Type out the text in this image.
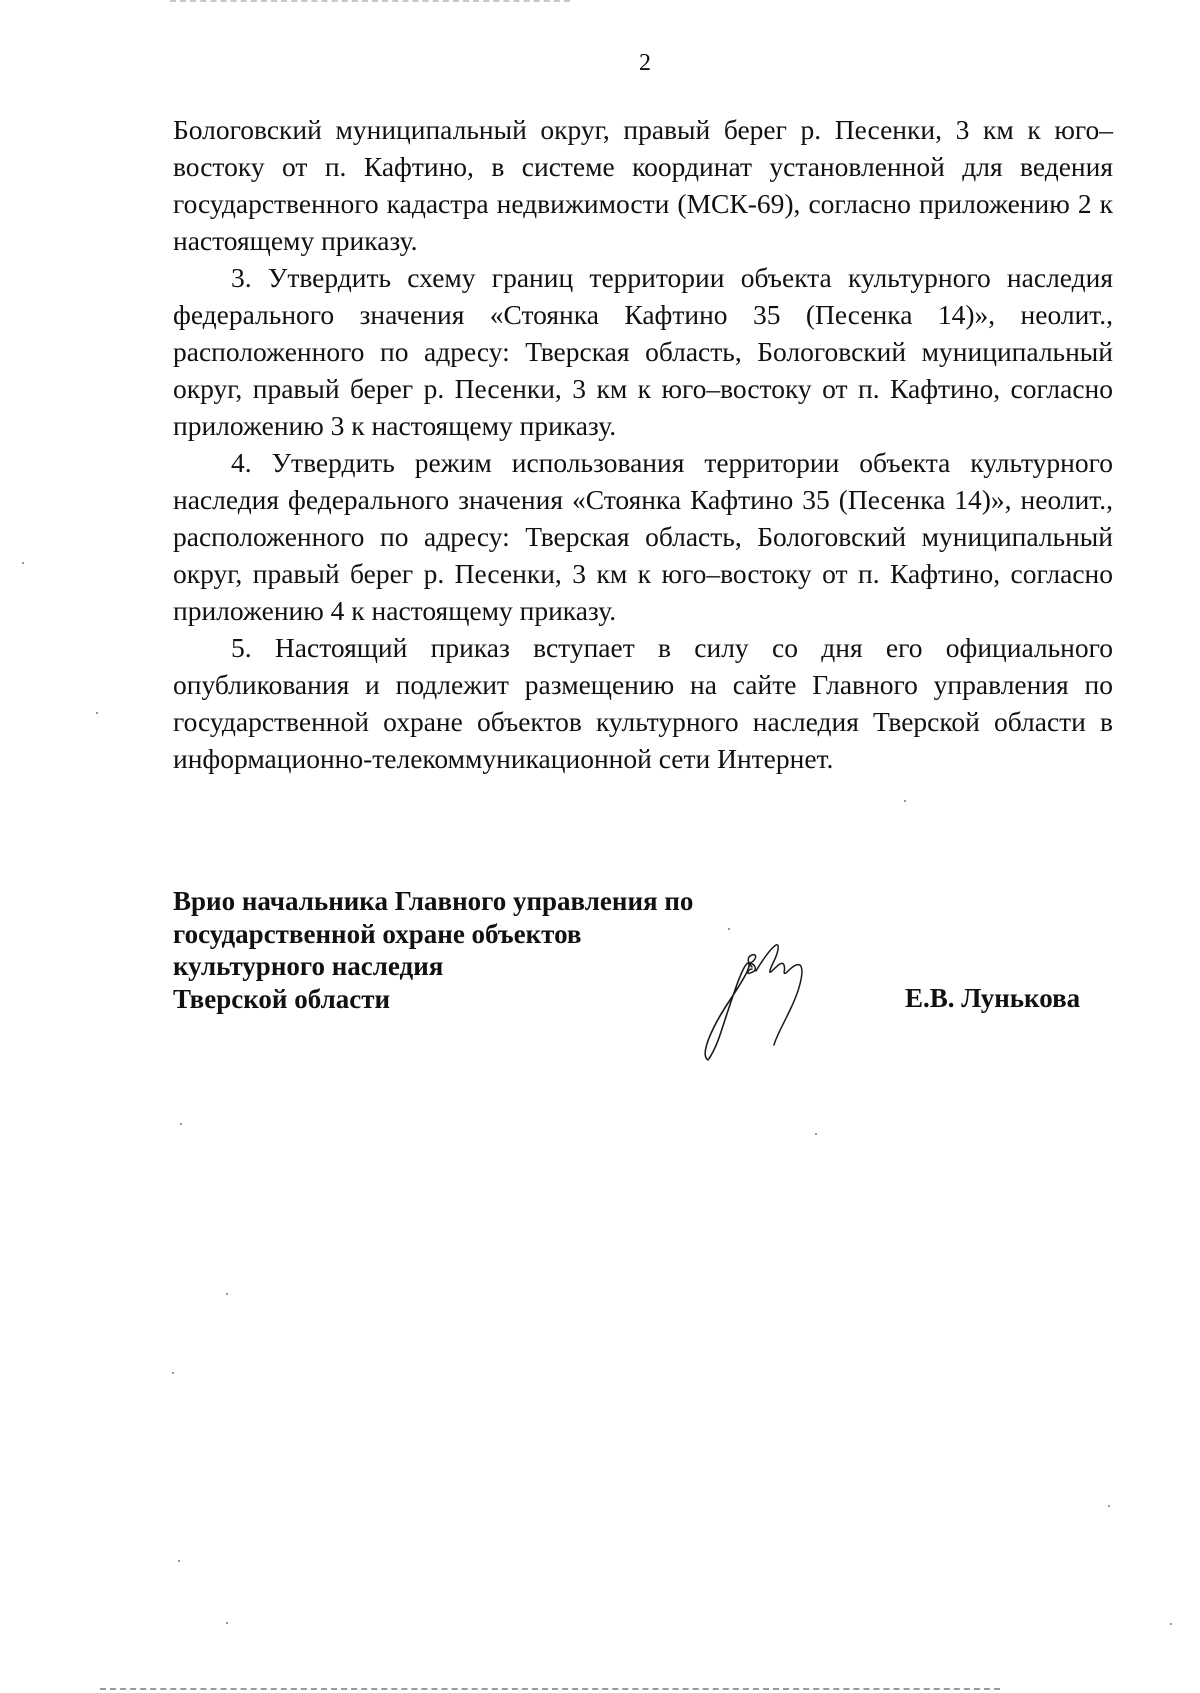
2

Бологовский муниципальный округ, правый берег р. Песенки, 3 км к юго–востоку от п. Кафтино, в системе координат установленной для ведения государственного кадастра недвижимости (МСК-69), согласно приложению 2 к настоящему приказу.

3. Утвердить схему границ территории объекта культурного наследия федерального значения «Стоянка Кафтино 35 (Песенка 14)», неолит., расположенного по адресу: Тверская область, Бологовский муниципальный округ, правый берег р. Песенки, 3 км к юго–востоку от п. Кафтино, согласно приложению 3 к настоящему приказу.

4. Утвердить режим использования территории объекта культурного наследия федерального значения «Стоянка Кафтино 35 (Песенка 14)», неолит., расположенного по адресу: Тверская область, Бологовский муниципальный округ, правый берег р. Песенки, 3 км к юго–востоку от п. Кафтино, согласно приложению 4 к настоящему приказу.

5. Настоящий приказ вступает в силу со дня его официального опубликования и подлежит размещению на сайте Главного управления по государственной охране объектов культурного наследия Тверской области в информационно-телекоммуникационной сети Интернет.

Врио начальника Главного управления по
государственной охране объектов
культурного наследия
Тверской области	Е.В. Лунькова
